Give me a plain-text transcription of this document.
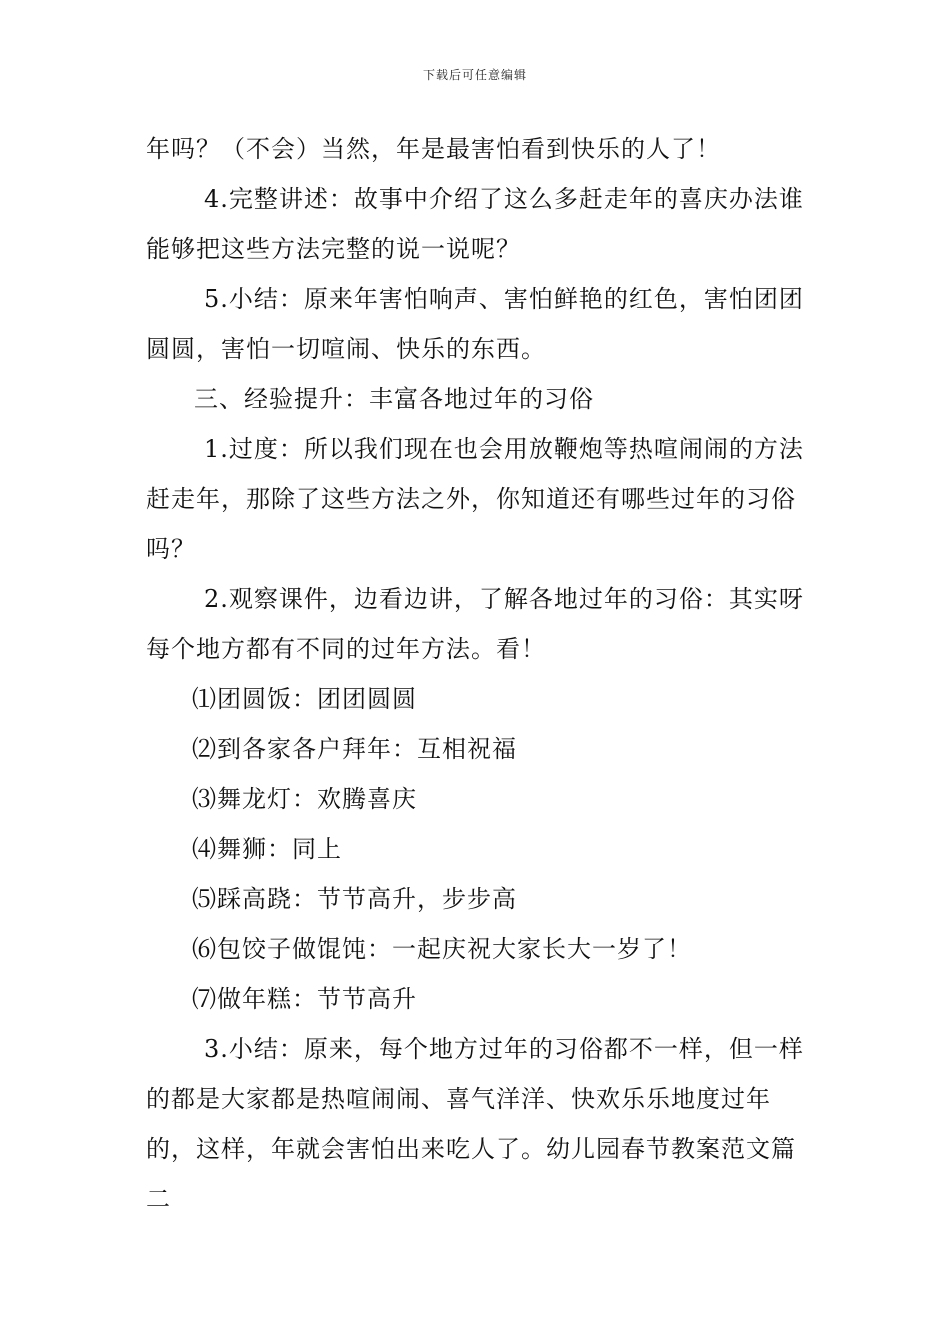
下载后可任意编辑

年吗？（不会）当然，年是最害怕看到快乐的人了！

4.完整讲述：故事中介绍了这么多赶走年的喜庆办法谁能够把这些方法完整的说一说呢？

5.小结：原来年害怕响声、害怕鲜艳的红色，害怕团团圆圆，害怕一切喧闹、快乐的东西。

三、经验提升：丰富各地过年的习俗

1.过度：所以我们现在也会用放鞭炮等热喧闹闹的方法赶走年，那除了这些方法之外，你知道还有哪些过年的习俗吗？

2.观察课件，边看边讲，了解各地过年的习俗：其实呀每个地方都有不同的过年方法。看！

⑴团圆饭：团团圆圆

⑵到各家各户拜年：互相祝福

⑶舞龙灯：欢腾喜庆

⑷舞狮：同上

⑸踩高跷：节节高升，步步高

⑹包饺子做馄饨：一起庆祝大家长大一岁了！

⑺做年糕：节节高升

3.小结：原来，每个地方过年的习俗都不一样，但一样的都是大家都是热喧闹闹、喜气洋洋、快欢乐乐地度过年的，这样，年就会害怕出来吃人了。幼儿园春节教案范文篇二
